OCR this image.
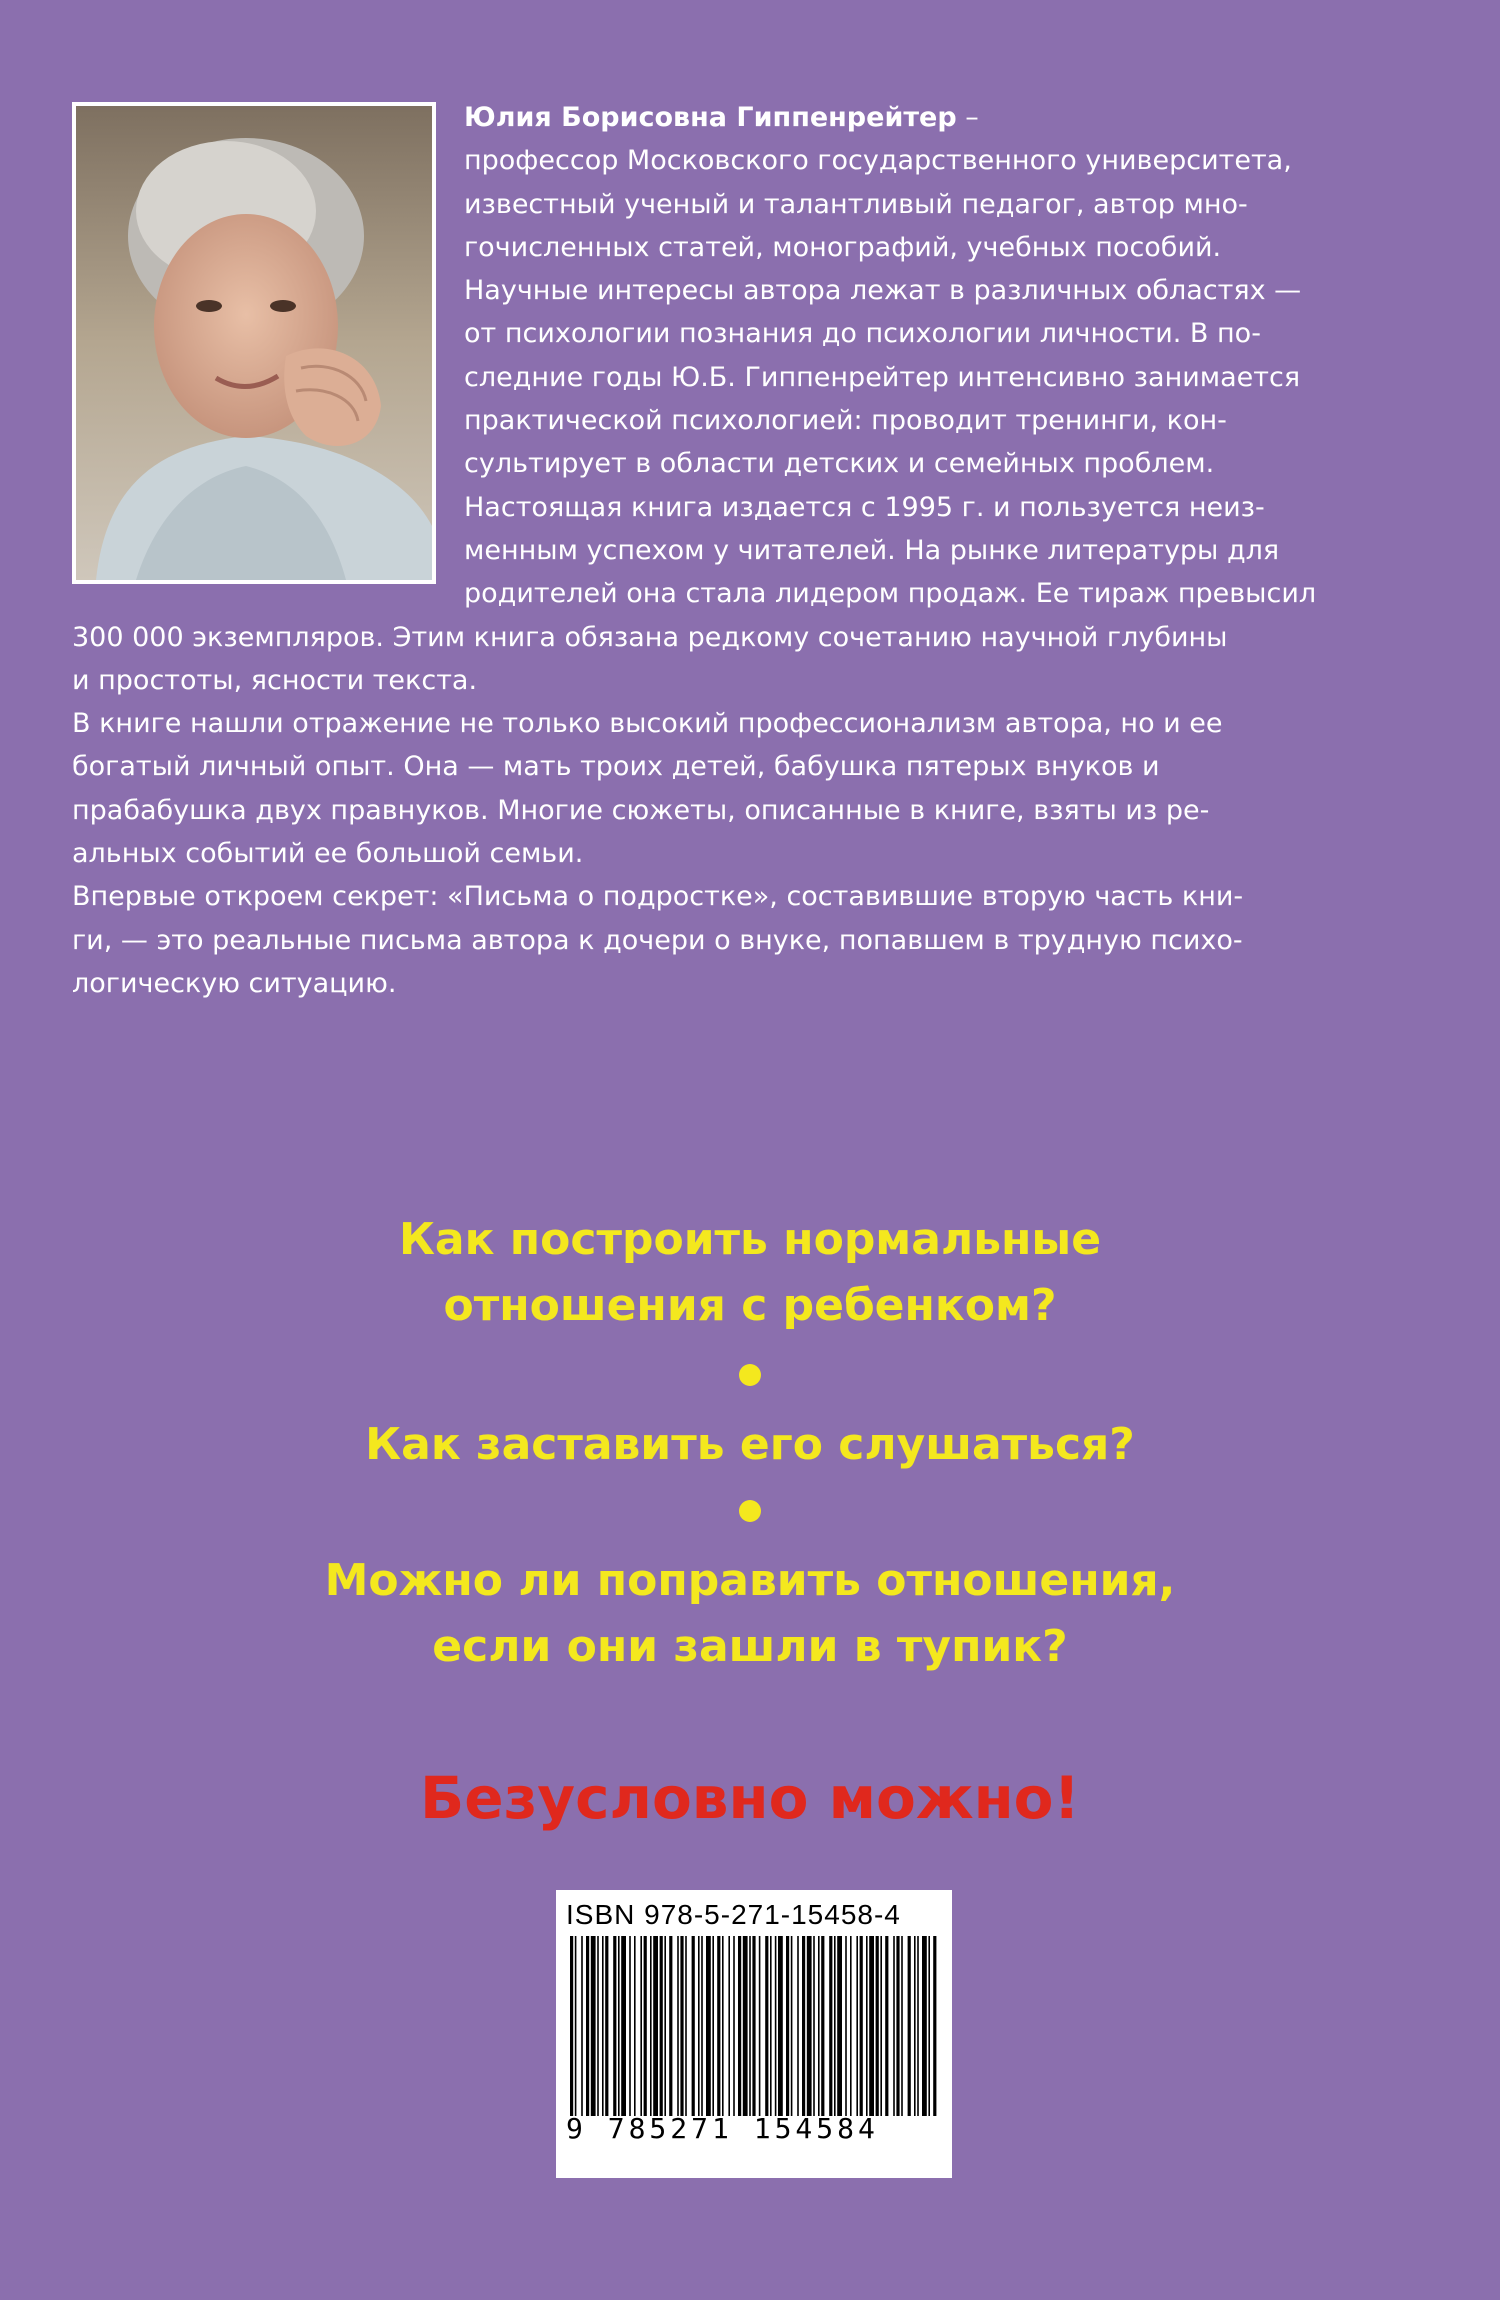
Юлия Борисовна Гиппенрейтер –
профессор Московского государственного университета,
известный ученый и талантливый педагог, автор мно-
гочисленных статей, монографий, учебных пособий.
Научные интересы автора лежат в различных областях —
от психологии познания до психологии личности. В по-
следние годы Ю.Б. Гиппенрейтер интенсивно занимается
практической психологией: проводит тренинги, кон-
сультирует в области детских и семейных проблем.
Настоящая книга издается с 1995 г. и пользуется неиз-
менным успехом у читателей. На рынке литературы для
родителей она стала лидером продаж. Ее тираж превысил
300 000 экземпляров. Этим книга обязана редкому сочетанию научной глубины
и простоты, ясности текста.
В книге нашли отражение не только высокий профессионализм автора, но и ее
богатый личный опыт. Она — мать троих детей, бабушка пятерых внуков и
прабабушка двух правнуков. Многие сюжеты, описанные в книге, взяты из ре-
альных событий ее большой семьи.
Впервые откроем секрет: «Письма о подростке», составившие вторую часть кни-
ги, — это реальные письма автора к дочери о внуке, попавшем в трудную психо-
логическую ситуацию.
Как построить нормальные
отношения с ребенком?
Как заставить его слушаться?
Можно ли поправить отношения,
если они зашли в тупик?
Безусловно можно!
ISBN 978-5-271-15458-4
9 785271 154584
